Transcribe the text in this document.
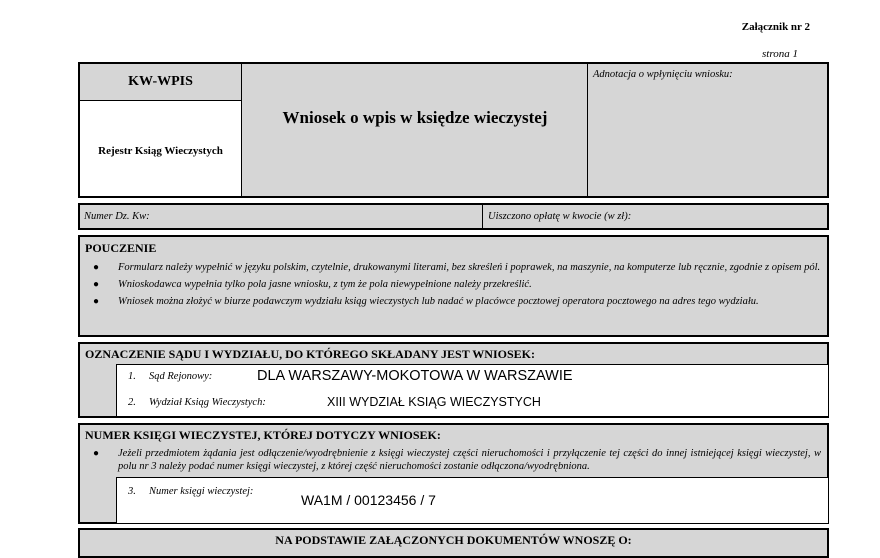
Załącznik nr 2
strona 1
KW-WPIS
Rejestr Ksiąg Wieczystych
Wniosek o wpis w księdze wieczystej
Adnotacja o wpłynięciu wniosku:
Numer Dz. Kw:	Uiszczono opłatę w kwocie (w zł):
POUCZENIE
● Formularz należy wypełnić w języku polskim, czytelnie, drukowanymi literami, bez skreśleń i poprawek, na maszynie, na komputerze lub ręcznie, zgodnie z opisem pól.
● Wnioskodawca wypełnia tylko pola jasne wniosku, z tym że pola niewypełnione należy przekreślić.
● Wniosek można złożyć w biurze podawczym wydziału ksiąg wieczystych lub nadać w placówce pocztowej operatora pocztowego na adres tego wydziału.
OZNACZENIE SĄDU I WYDZIAŁU, DO KTÓREGO SKŁADANY JEST WNIOSEK:
1. Sąd Rejonowy:	DLA WARSZAWY-MOKOTOWA W WARSZAWIE
2. Wydział Ksiąg Wieczystych:	XIII WYDZIAŁ KSIĄG WIECZYSTYCH
NUMER KSIĘGI WIECZYSTEJ, KTÓREJ DOTYCZY WNIOSEK:
● Jeżeli przedmiotem żądania jest odłączenie/wyodrębnienie z księgi wieczystej części nieruchomości i przyłączenie tej części do innej istniejącej księgi wieczystej, w polu nr 3 należy podać numer księgi wieczystej, z której część nieruchomości zostanie odłączona/wyodrębniona.
3. Numer księgi wieczystej:
WA1M / 00123456 / 7
NA PODSTAWIE ZAŁĄCZONYCH DOKUMENTÓW WNOSZĘ O:
